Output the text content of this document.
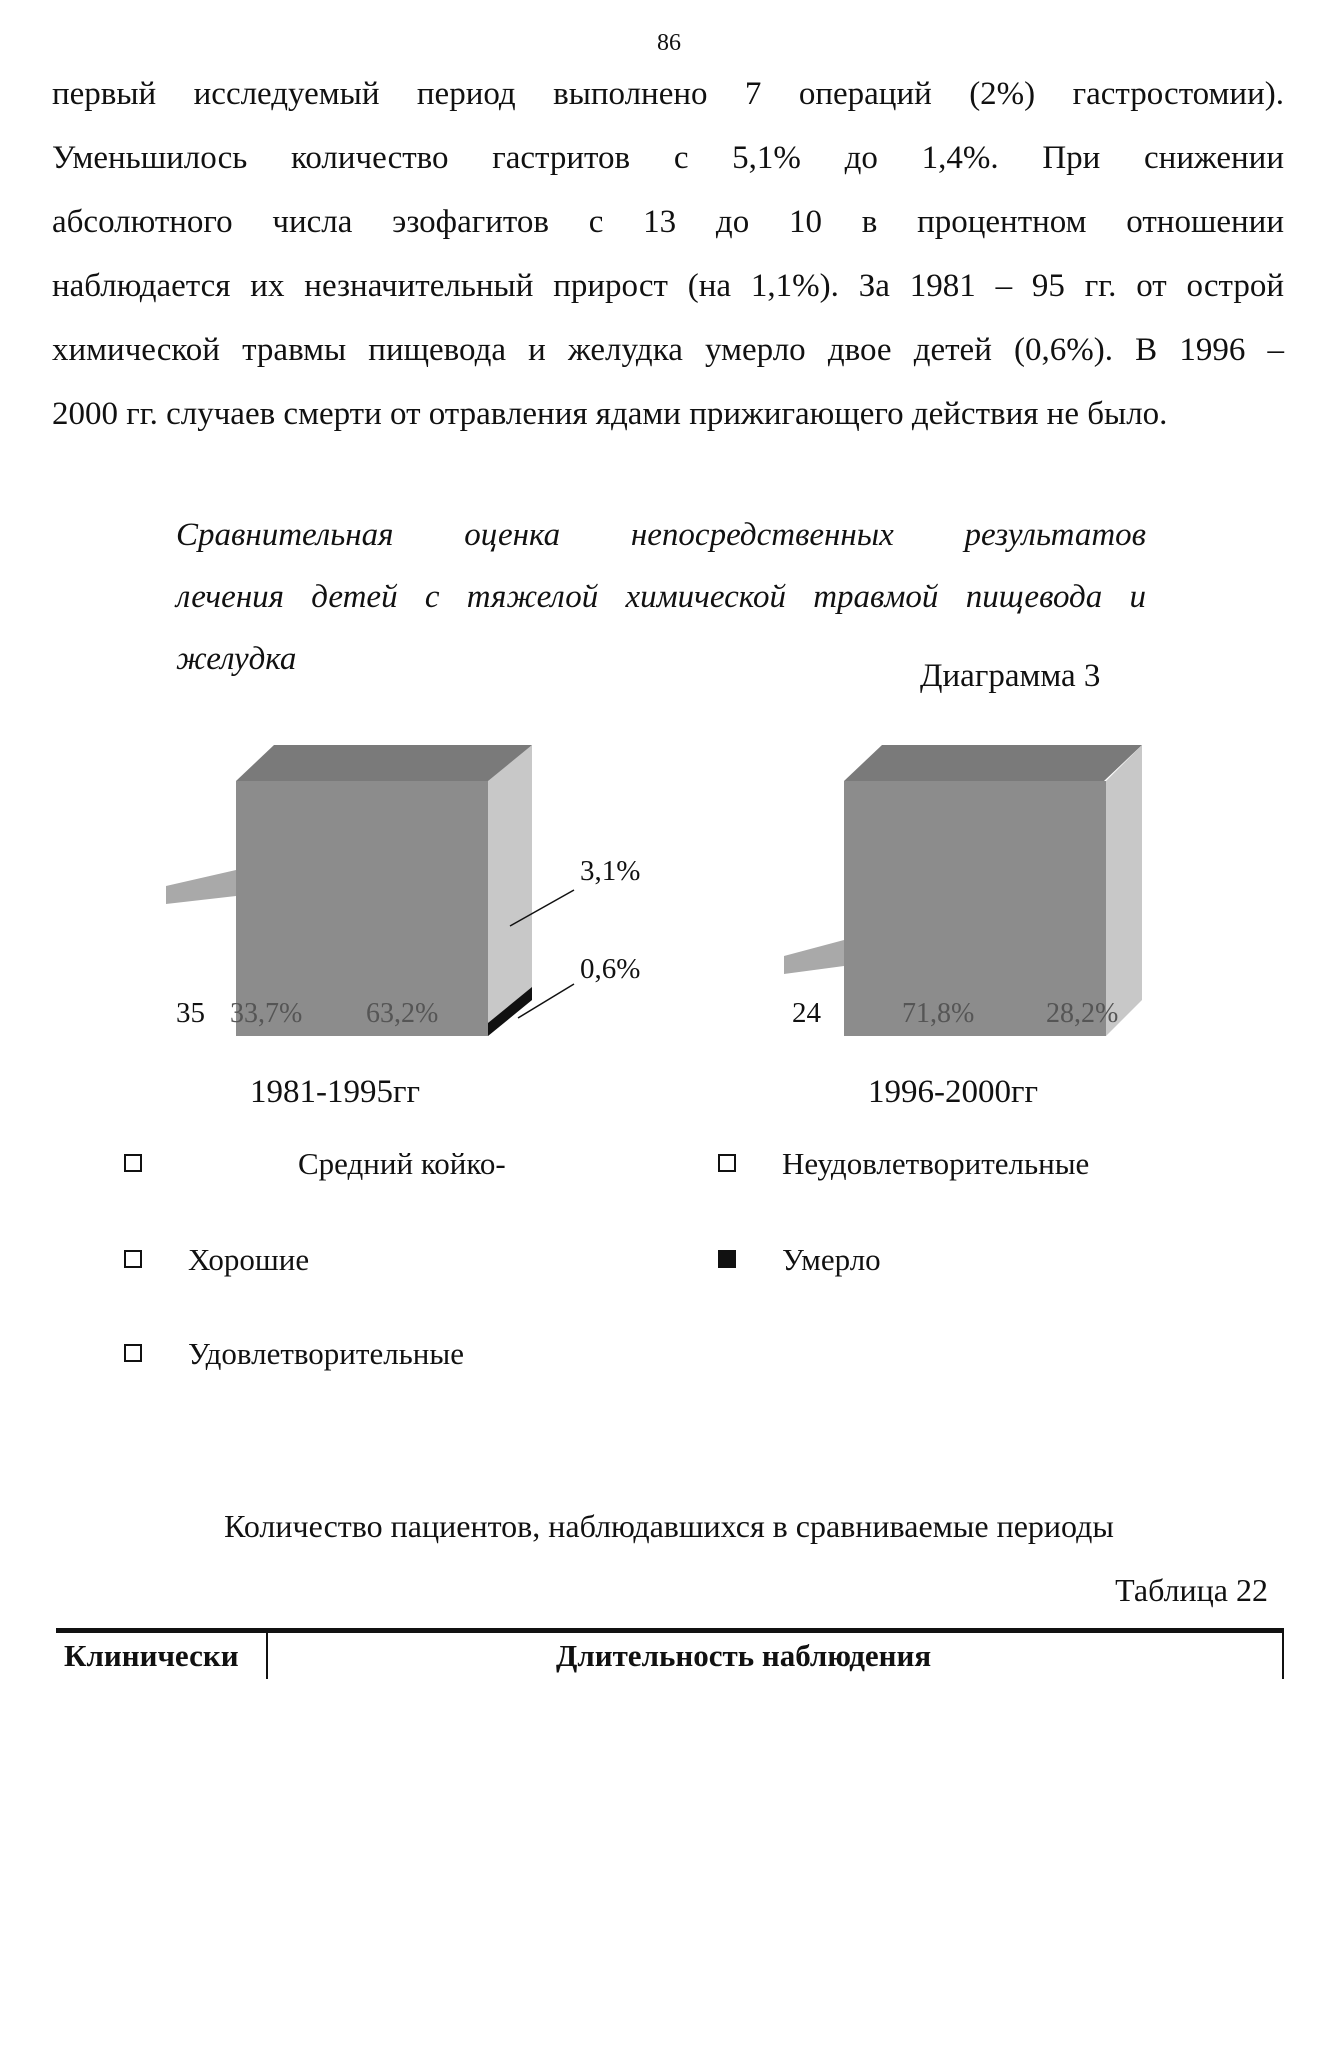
86
первый исследуемый период выполнено 7 операций (2%) гастростомии).
Уменьшилось количество гастритов с 5,1% до 1,4%. При снижении
абсолютного числа эзофагитов с 13 до 10 в процентном отношении
наблюдается их незначительный прирост (на 1,1%). За 1981 – 95 гг. от острой
химической травмы пищевода и желудка умерло двое детей (0,6%). В 1996 –
2000 гг. случаев смерти от отравления ядами прижигающего действия не было.
Сравнительная оценка непосредственных результатов
лечения детей с тяжелой химической травмой пищевода и
желудка	Диаграмма 3
3,1%
0,6%
35 33,7% 63,2%	24	71,8%	28,2%
1981-1995гг	1996-2000гг
Средний койко-	Неудовлетворительные
Хорошие	Умерло
Удовлетворительные
Количество пациентов, наблюдавшихся в сравниваемые периоды
Таблица 22
Клинически	Длительность наблюдения
